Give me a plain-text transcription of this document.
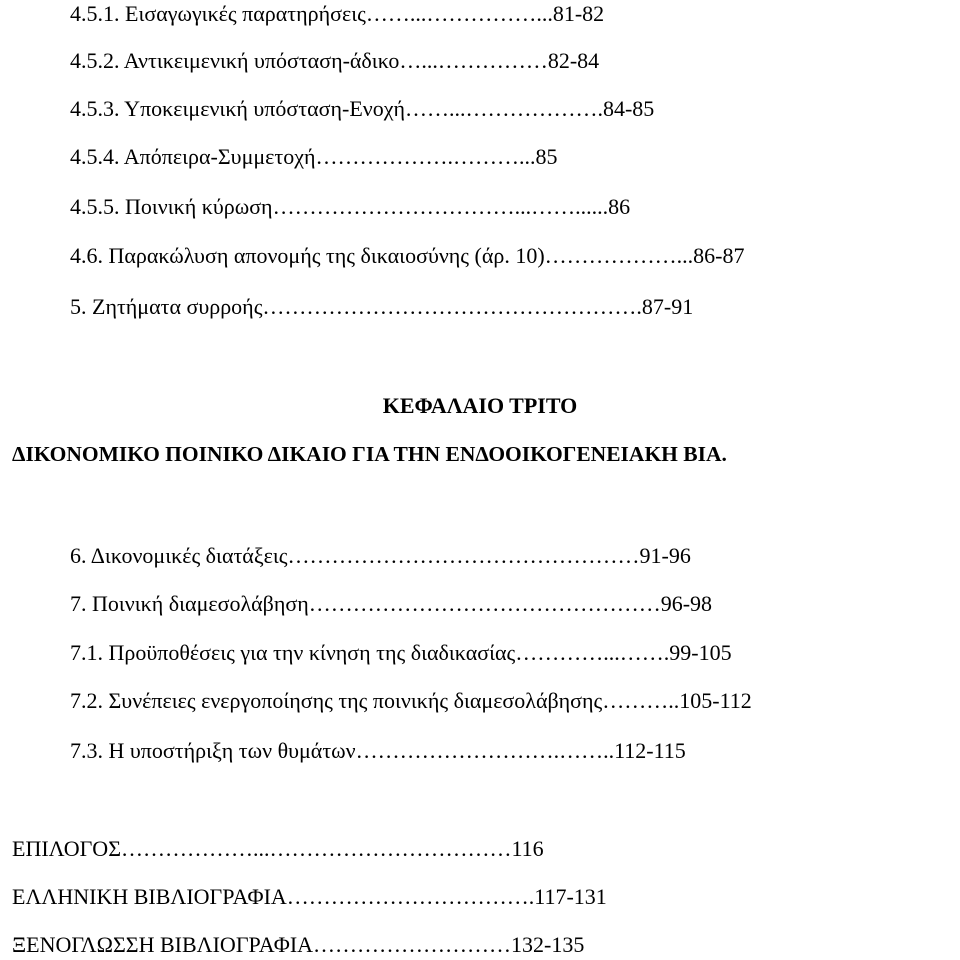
4.5.1. Εισαγωγικές παρατηρήσεις……...……………...81-82
4.5.2. Αντικειμενική υπόσταση-άδικο…...……………82-84
4.5.3. Υποκειμενική υπόσταση-Ενοχή……...……………….84-85
4.5.4. Απόπειρα-Συμμετοχή……………….………...85
4.5.5. Ποινική κύρωση……………………………...……......86
4.6. Παρακώλυση απονομής της δικαιοσύνης (άρ. 10)………………...86-87
5. Ζητήματα συρροής…………………………………………….87-91
ΚΕΦΑΛΑΙΟ ΤΡΙΤΟ
ΔΙΚΟΝΟΜΙΚΟ ΠΟΙΝΙΚΟ ΔΙΚΑΙΟ ΓΙΑ ΤΗΝ ΕΝΔΟΟΙΚΟΓΕΝΕΙΑΚΗ ΒΙΑ.
6. Δικονομικές διατάξεις…………………………………………91-96
7. Ποινική διαμεσολάβηση…………………………………………96-98
7.1. Προϋποθέσεις για την κίνηση της διαδικασίας…………...…….99-105
7.2. Συνέπειες ενεργοποίησης της ποινικής διαμεσολάβησης………..105-112
7.3. Η υποστήριξη των θυμάτων……………………….……..112-115
ΕΠΙΛΟΓΟΣ………………...……………………………116
ΕΛΛΗΝΙΚΗ ΒΙΒΛΙΟΓΡΑΦΙΑ…………………………….117-131
ΞΕΝΟΓΛΩΣΣΗ ΒΙΒΛΙΟΓΡΑΦΙΑ………………………132-135
